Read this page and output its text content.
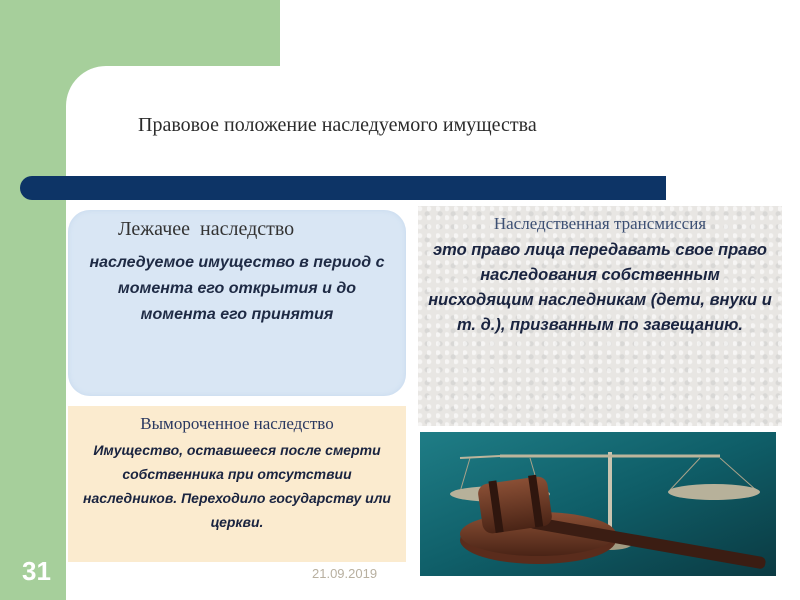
Правовое положение наследуемого имущества
Лежачее  наследство
наследуемое имущество в период с момента его открытия и до момента его принятия
Наследственная трансмиссия
это право лица передавать свое право наследования собственным нисходящим наследникам (дети, внуки и т. д.), призванным по завещанию.
Вымороченное наследство
Имущество, оставшееся после смерти собственника при отсутствии наследников. Переходило государству или церкви.
31	21.09.2019
